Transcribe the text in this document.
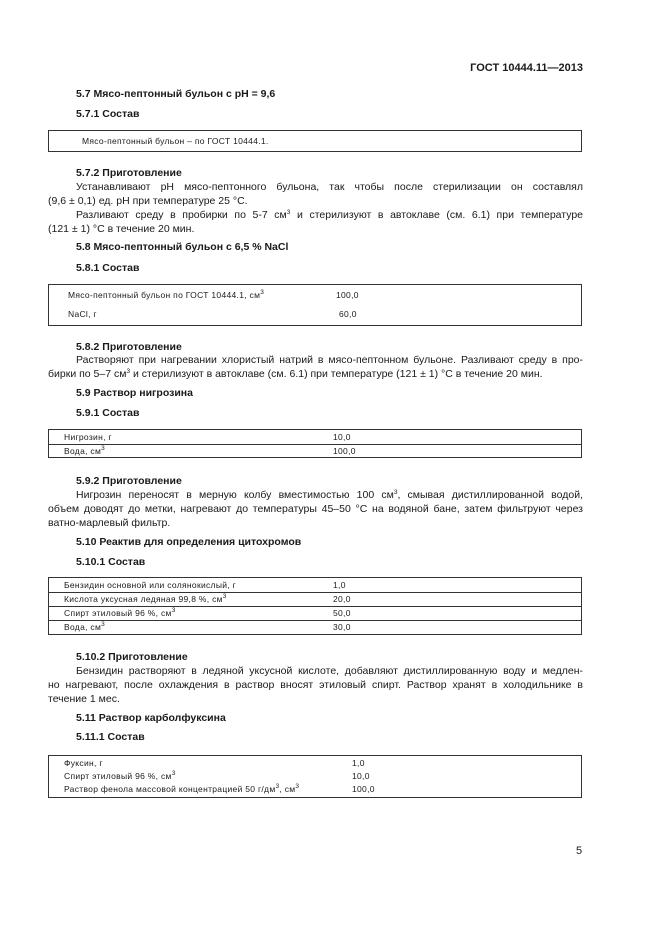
ГОСТ 10444.11—2013
5.7 Мясо-пептонный бульон с pH = 9,6
5.7.1 Состав
Мясо-пептонный бульон – по ГОСТ 10444.1.
5.7.2 Приготовление
Устанавливают рН мясо-пептонного бульона, так чтобы после стерилизации он составлял
(9,6 ± 0,1) ед. рН при температуре 25 °С.
Разливают среду в пробирки по 5-7 $см^3$ и стерилизуют в автоклаве (см. 6.1) при температуре
(121 ± 1) °С в течение 20 мин.
5.8 Мясо-пептонный бульон с 6,5 % NaCl
5.8.1 Состав
Мясо-пептонный бульон по ГОСТ 10444.1, $см^3$	100,0
NaCl, г	60,0
5.8.2 Приготовление
Растворяют при нагревании хлористый натрий в мясо-пептонном бульоне. Разливают среду в про-
бирки по 5–7 $см^3$ и стерилизуют в автоклаве (см. 6.1) при температуре (121 ± 1) °С в течение 20 мин.
5.9 Раствор нигрозина
5.9.1 Состав
Нигрозин, г	10,0
Вода, $см^3$	100,0
5.9.2 Приготовление
Нигрозин переносят в мерную колбу вместимостью 100 $см^3$, смывая дистиллированной водой,
объем доводят до метки, нагревают до температуры 45–50 °С на водяной бане, затем фильтруют через
ватно-марлевый фильтр.
5.10 Реактив для определения цитохромов
5.10.1 Состав
Бензидин основной или солянокислый, г	1,0
Кислота уксусная ледяная 99,8 %, $см^3$	20,0
Спирт этиловый 96 %, $см^3$	50,0
Вода, $см^3$	30,0
5.10.2 Приготовление
Бензидин растворяют в ледяной уксусной кислоте, добавляют дистиллированную воду и медлен-
но нагревают, после охлаждения в раствор вносят этиловый спирт. Раствор хранят в холодильнике в
течение 1 мес.
5.11 Раствор карболфуксина
5.11.1 Состав
Фуксин, г	1,0
Спирт этиловый 96 %, $см^3$	10,0
Раствор фенола массовой концентрацией 50 $г/дм^3$, $см^3$	100,0
5
